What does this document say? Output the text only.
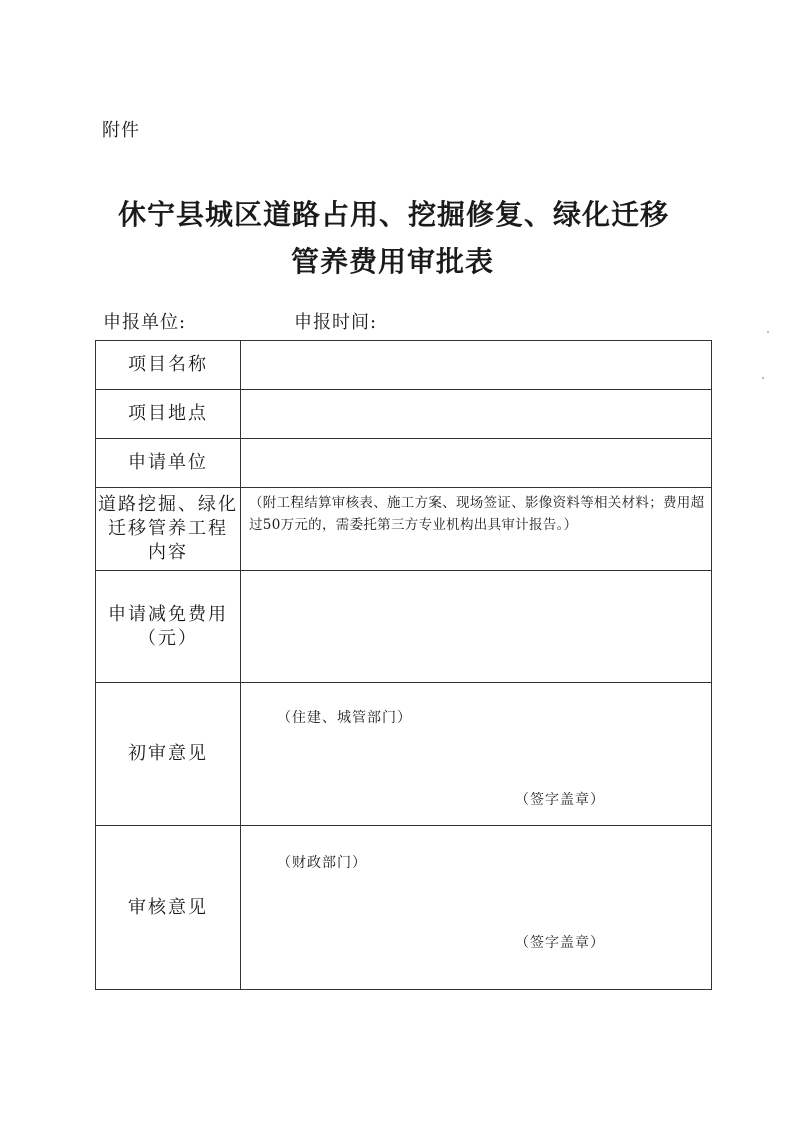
附件
休宁县城区道路占用、挖掘修复、绿化迁移
管养费用审批表
申报单位:	申报时间:
项目名称	
项目地点	
申请单位	

道路挖掘、绿化
迁移管养工程
内容	（附工程结算审核表、施工方案、现场签证、影像资料等相关材料；费用超过50万元的，需委托第三方专业机构出具审计报告。）

申请减免费用
（元）	

初审意见	（住建、城管部门）
（签字盖章）

审核意见	（财政部门）
（签字盖章）
